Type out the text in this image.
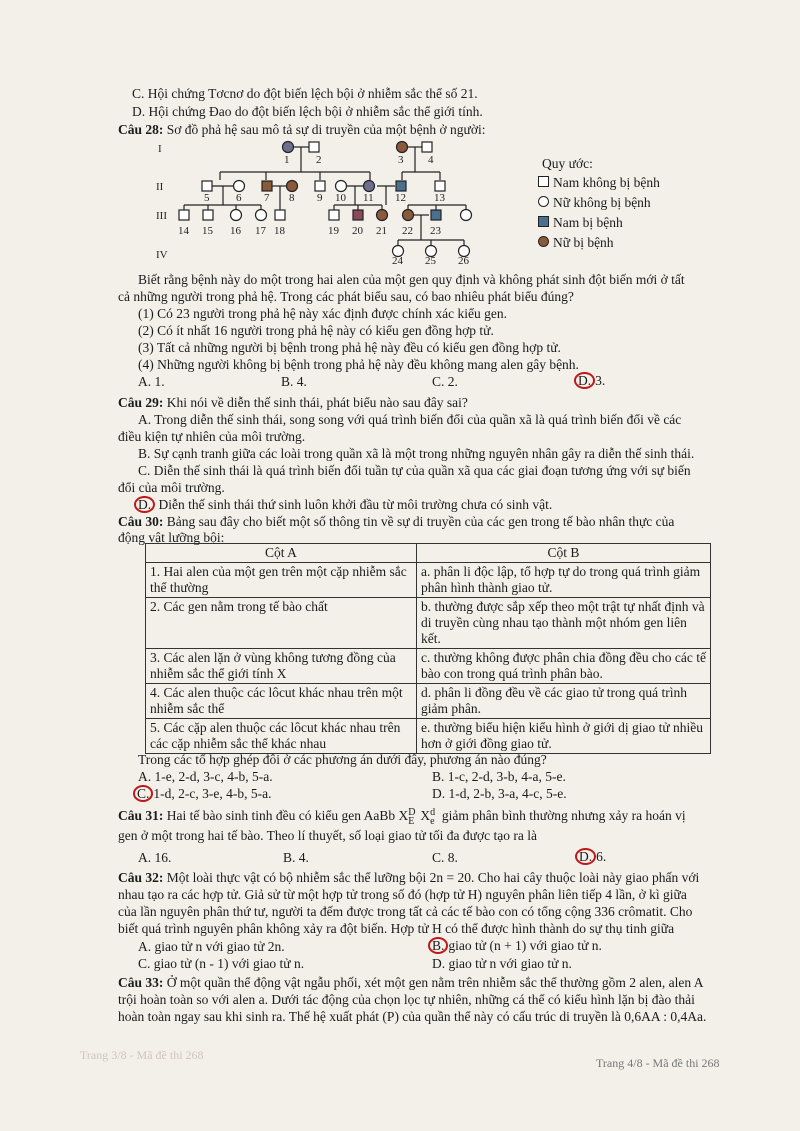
Trang 3/8 - Mã đề thi 268
C. Hội chứng Tơcnơ do đột biến lệch bội ở nhiễm sắc thể số 21.
D. Hội chứng Đao do đột biến lệch bội ở nhiễm sắc thể giới tính.
Câu 28: Sơ đồ phả hệ sau mô tả sự di truyền của một bệnh ở người:
I
II
III
IV
1 2	3 4
5 6 7 8 9 10 11 12	13
14 15 16 17 18	19 20 21 22 23
24 25 26
Quy ước:
Nam không bị bệnh
Nữ không bị bệnh
Nam bị bệnh
Nữ bị bệnh
Biết rằng bệnh này do một trong hai alen của một gen quy định và không phát sinh đột biến mới ở tất
cả những người trong phả hệ. Trong các phát biểu sau, có bao nhiêu phát biểu đúng?
(1) Có 23 người trong phả hệ này xác định được chính xác kiểu gen.
(2) Có ít nhất 16 người trong phả hệ này có kiểu gen đồng hợp tử.
(3) Tất cả những người bị bệnh trong phả hệ này đều có kiểu gen đồng hợp tử.
(4) Những người không bị bệnh trong phả hệ này đều không mang alen gây bệnh.
A. 1.	B. 4.	C. 2.	D. 3.
Câu 29: Khi nói về diễn thế sinh thái, phát biểu nào sau đây sai?
A. Trong diễn thế sinh thái, song song với quá trình biến đổi của quần xã là quá trình biến đổi về các
điều kiện tự nhiên của môi trường.
B. Sự cạnh tranh giữa các loài trong quần xã là một trong những nguyên nhân gây ra diễn thế sinh thái.
C. Diễn thế sinh thái là quá trình biến đổi tuần tự của quần xã qua các giai đoạn tương ứng với sự biến
đổi của môi trường.
D. Diễn thế sinh thái thứ sinh luôn khởi đầu từ môi trường chưa có sinh vật.
Câu 30: Bảng sau đây cho biết một số thông tin về sự di truyền của các gen trong tế bào nhân thực của
động vật lưỡng bội:
Cột A	Cột B
1. Hai alen của một gen trên một cặp nhiễm sắc thể thường	a. phân li độc lập, tổ hợp tự do trong quá trình giảm phân hình thành giao tử.
2. Các gen nằm trong tế bào chất	b. thường được sắp xếp theo một trật tự nhất định và di truyền cùng nhau tạo thành một nhóm gen liên kết.
3. Các alen lặn ở vùng không tương đồng của nhiễm sắc thể giới tính X	c. thường không được phân chia đồng đều cho các tế bào con trong quá trình phân bào.
4. Các alen thuộc các lôcut khác nhau trên một nhiễm sắc thể	d. phân li đồng đều về các giao tử trong quá trình giảm phân.
5. Các cặp alen thuộc các lôcut khác nhau trên các cặp nhiễm sắc thể khác nhau	e. thường biểu hiện kiểu hình ở giới dị giao tử nhiều hơn ở giới đồng giao tử.
Trong các tổ hợp ghép đôi ở các phương án dưới đây, phương án nào đúng?
A. 1-e, 2-d, 3-c, 4-b, 5-a.	B. 1-c, 2-d, 3-b, 4-a, 5-e.
C. 1-d, 2-c, 3-e, 4-b, 5-a.	D. 1-d, 2-b, 3-a, 4-c, 5-e.
Câu 31: Hai tế bào sinh tinh đều có kiểu gen AaBb X D
E X d
e giảm phân bình thường nhưng xảy ra hoán vị
gen ở một trong hai tế bào. Theo lí thuyết, số loại giao tử tối đa được tạo ra là
A. 16.	B. 4.	C. 8.	D. 6.
Câu 32: Một loài thực vật có bộ nhiễm sắc thể lưỡng bội 2n = 20. Cho hai cây thuộc loài này giao phấn với
nhau tạo ra các hợp tử. Giả sử từ một hợp tử trong số đó (hợp tử H) nguyên phân liên tiếp 4 lần, ở kì giữa
của lần nguyên phân thứ tư, người ta đếm được trong tất cả các tế bào con có tổng cộng 336 crômatit. Cho
biết quá trình nguyên phân không xảy ra đột biến. Hợp tử H có thể được hình thành do sự thụ tinh giữa
A. giao tử n với giao tử 2n.	B. giao tử (n + 1) với giao tử n.
C. giao tử (n - 1) với giao tử n.	D. giao tử n với giao tử n.
Câu 33: Ở một quần thể động vật ngẫu phối, xét một gen nằm trên nhiễm sắc thể thường gồm 2 alen, alen A
trội hoàn toàn so với alen a. Dưới tác động của chọn lọc tự nhiên, những cá thể có kiểu hình lặn bị đào thải
hoàn toàn ngay sau khi sinh ra. Thế hệ xuất phát (P) của quần thể này có cấu trúc di truyền là 0,6AA : 0,4Aa.
Trang 4/8 - Mã đề thi 268
